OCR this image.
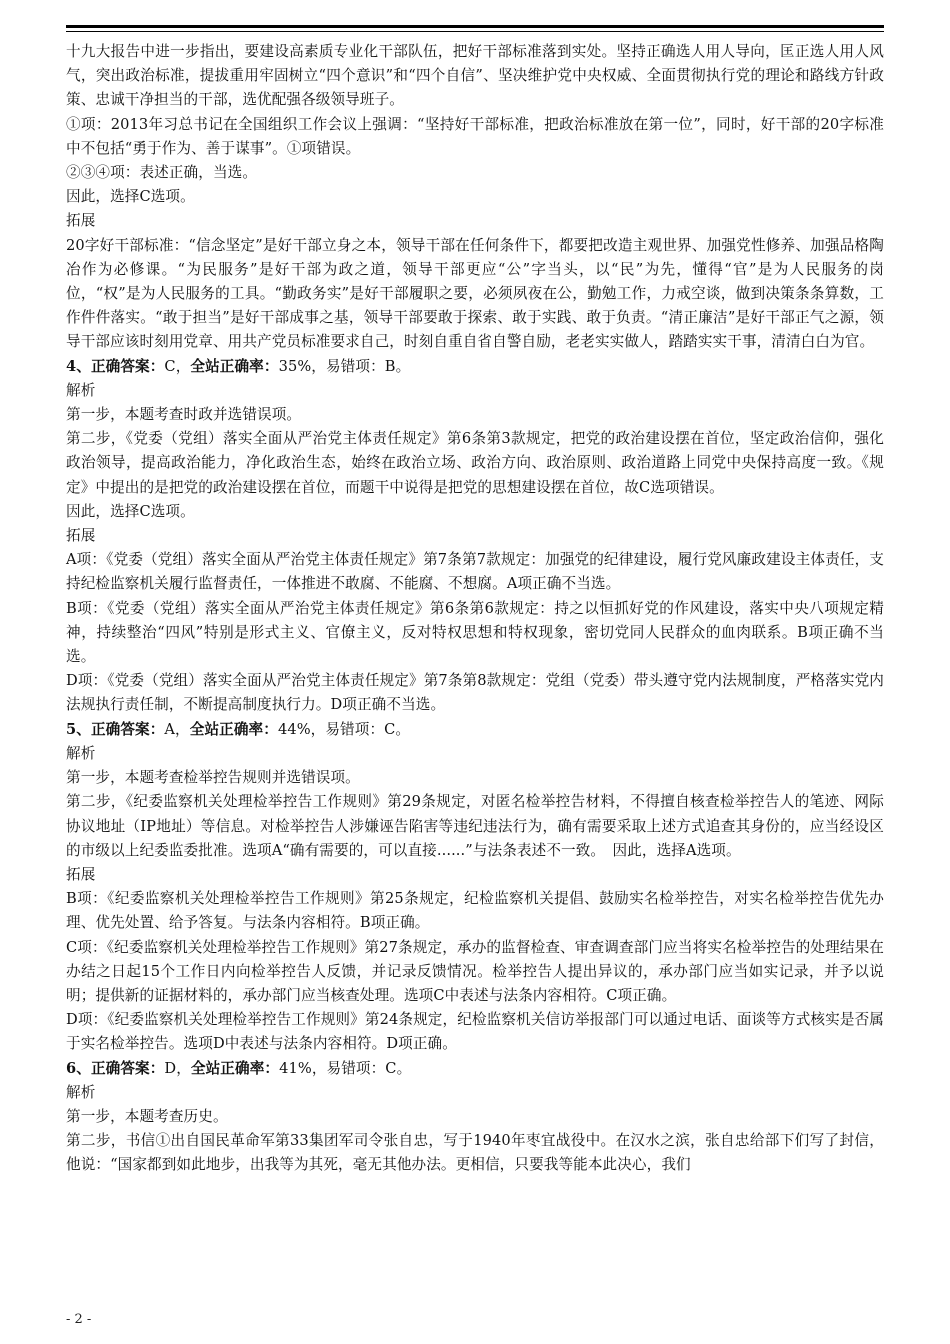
十九大报告中进一步指出，要建设高素质专业化干部队伍，把好干部标准落到实处。坚持正确选人用人导向，匡正选人用人风气，突出政治标准，提拔重用牢固树立“四个意识”和“四个自信”、坚决维护党中央权威、全面贯彻执行党的理论和路线方针政策、忠诚干净担当的干部，选优配强各级领导班子。

①项：2013年习总书记在全国组织工作会议上强调：“坚持好干部标准，把政治标准放在第一位”，同时，好干部的20字标准中不包括“勇于作为、善于谋事”。①项错误。

②③④项：表述正确，当选。

因此，选择C选项。

拓展

20字好干部标准：“信念坚定”是好干部立身之本，领导干部在任何条件下，都要把改造主观世界、加强党性修养、加强品格陶冶作为必修课。“为民服务”是好干部为政之道，领导干部更应“公”字当头，以“民”为先，懂得“官”是为人民服务的岗位，“权”是为人民服务的工具。“勤政务实”是好干部履职之要，必须夙夜在公，勤勉工作，力戒空谈，做到决策条条算数，工作件件落实。“敢于担当”是好干部成事之基，领导干部要敢于探索、敢于实践、敢于负责。“清正廉洁”是好干部正气之源，领导干部应该时刻用党章、用共产党员标准要求自己，时刻自重自省自警自励，老老实实做人，踏踏实实干事，清清白白为官。

4、正确答案：C，全站正确率：35%，易错项：B。

解析

第一步，本题考查时政并选错误项。

第二步，《党委（党组）落实全面从严治党主体责任规定》第6条第3款规定，把党的政治建设摆在首位，坚定政治信仰，强化政治领导，提高政治能力，净化政治生态，始终在政治立场、政治方向、政治原则、政治道路上同党中央保持高度一致。《规定》中提出的是把党的政治建设摆在首位，而题干中说得是把党的思想建设摆在首位，故C选项错误。

因此，选择C选项。

拓展

A项：《党委（党组）落实全面从严治党主体责任规定》第7条第7款规定：加强党的纪律建设，履行党风廉政建设主体责任，支持纪检监察机关履行监督责任，一体推进不敢腐、不能腐、不想腐。A项正确不当选。

B项：《党委（党组）落实全面从严治党主体责任规定》第6条第6款规定：持之以恒抓好党的作风建设，落实中央八项规定精神，持续整治“四风”特别是形式主义、官僚主义，反对特权思想和特权现象，密切党同人民群众的血肉联系。B项正确不当选。

D项：《党委（党组）落实全面从严治党主体责任规定》第7条第8款规定：党组（党委）带头遵守党内法规制度，严格落实党内法规执行责任制，不断提高制度执行力。D项正确不当选。

5、正确答案：A，全站正确率：44%，易错项：C。

解析

第一步，本题考查检举控告规则并选错误项。

第二步，《纪委监察机关处理检举控告工作规则》第29条规定，对匿名检举控告材料，不得擅自核查检举控告人的笔迹、网际协议地址（IP地址）等信息。对检举控告人涉嫌诬告陷害等违纪违法行为，确有需要采取上述方式追查其身份的，应当经设区的市级以上纪委监委批准。选项A“确有需要的，可以直接......”与法条表述不一致。　因此，选择A选项。

拓展

B项：《纪委监察机关处理检举控告工作规则》第25条规定，纪检监察机关提倡、鼓励实名检举控告，对实名检举控告优先办理、优先处置、给予答复。与法条内容相符。B项正确。

C项：《纪委监察机关处理检举控告工作规则》第27条规定，承办的监督检查、审查调查部门应当将实名检举控告的处理结果在办结之日起15个工作日内向检举控告人反馈，并记录反馈情况。检举控告人提出异议的，承办部门应当如实记录，并予以说明；提供新的证据材料的，承办部门应当核查处理。选项C中表述与法条内容相符。C项正确。

D项：《纪委监察机关处理检举控告工作规则》第24条规定，纪检监察机关信访举报部门可以通过电话、面谈等方式核实是否属于实名检举控告。选项D中表述与法条内容相符。D项正确。

6、正确答案：D，全站正确率：41%，易错项：C。

解析

第一步，本题考查历史。

第二步，书信①出自国民革命军第33集团军司令张自忠，写于1940年枣宜战役中。在汉水之滨，张自忠给部下们写了封信，他说：“国家都到如此地步，出我等为其死，毫无其他办法。更相信，只要我等能本此决心，我们

- 2 -
